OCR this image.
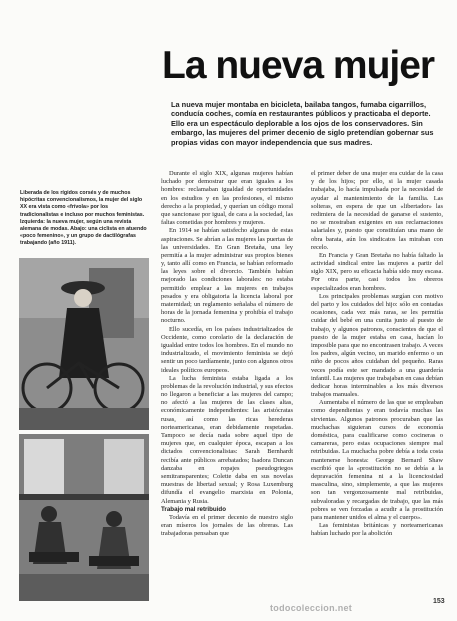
La nueva mujer
La nueva mujer montaba en bicicleta, bailaba tangos, fumaba cigarrillos, conducía coches, comía en restaurantes públicos y practicaba el deporte. Ello era un espectáculo deplorable a los ojos de los conservadores. Sin embargo, las mujeres del primer decenio de siglo pretendían gobernar sus propias vidas con mayor independencia que sus madres.

Liberada de los rígidos corsés y de muchos hipócritas convencionalismos, la mujer del siglo XX era vista como «frívola» por los tradicionalistas e incluso por muchos feministas. Izquierda: la nueva mujer, según una revista alemana de modas. Abajo: una ciclista en atuendo «poco femenino», y un grupo de dactilógrafas trabajando (año 1911).

Durante el siglo XIX, algunas mujeres habían luchado por demostrar que eran iguales a los hombres: reclamaban igualdad de oportunidades en los estudios y en las profesiones, el mismo derecho a la propiedad, y querían un código moral que sancionase por igual, de cara a la sociedad, las faltas cometidas por hombres y mujeres.

En 1914 se habían satisfecho algunas de estas aspiraciones. Se abrían a las mujeres las puertas de las universidades. En Gran Bretaña, una ley permitía a la mujer administrar sus propios bienes y, tanto allí como en Francia, se habían reformado las leyes sobre el divorcio. También habían mejorado las condiciones laborales: no estaba permitido emplear a las mujeres en trabajos pesados y era obligatoria la licencia laboral por maternidad; un reglamento señalaba el número de horas de la jornada femenina y prohibía el trabajo nocturno.

Ello sucedía, en los países industrializados de Occidente, como corolario de la declaración de igualdad entre todos los hombres. En el mundo no industrializado, el movimiento feminista se dejó sentir un poco tardíamente, junto con algunos otros ideales políticos europeos.

La lucha feminista estaba ligada a los problemas de la revolución industrial, y sus efectos no llegaron a beneficiar a las mujeres del campo; no afectó a las mujeres de las clases altas, económicamente independientes: las aristócratas rusas, así como las ricas herederas norteamericanas, eran debidamente respetadas. Tampoco se decía nada sobre aquel tipo de mujeres que, en cualquier época, escapan a los dictados convencionalistas: Sarah Bernhardt recibía ante públicos arrebatados; Isadora Duncan danzaba en ropajes pseudogriegos semitransparentes; Colette daba en sus novelas muestras de libertad sexual; y Rosa Luxemburg difundía el evangelio marxista en Polonia, Alemania y Rusia.

Trabajo mal retribuido

Todavía en el primer decenio de nuestro siglo eran míseros los jornales de las obreras. Las trabajadoras pensaban que

el primer deber de una mujer era cuidar de la casa y de los hijos; por ello, si la mujer casada trabajaba, lo hacía impulsada por la necesidad de ayudar al mantenimiento de la familia. Las solteras, en espera de que un «libertador» las redimiera de la necesidad de ganarse el sustento, no se mostraban exigentes en sus reclamaciones salariales y, puesto que constituían una mano de obra barata, aún los sindicatos las miraban con recelo.

En Francia y Gran Bretaña no había faltado la actividad sindical entre las mujeres a partir del siglo XIX, pero su eficacia había sido muy escasa. Por otra parte, casi todos los obreros especializados eran hombres.

Los principales problemas surgían con motivo del parto y los cuidados del hijo: sólo en contadas ocasiones, cada vez más raras, se les permitía cuidar del bebé en una cunita junto al puesto de trabajo, y algunos patronos, conscientes de que el puesto de la mujer estaba en casa, hacían lo imposible para que no encontrasen trabajo. A veces los padres, algún vecino, un marido enfermo o un niño de pocos años cuidaban del pequeño. Raras veces podía este ser mandado a una guardería infantil. Las mujeres que trabajaban en casa debían dedicar horas interminables a los más diversos trabajos manuales.

Aumentaba el número de las que se empleaban como dependientas y eran todavía muchas las sirvientas. Algunos patronos procuraban que las muchachas siguieran cursos de economía doméstica, para cualificarse como cocineras o camareras, pero estas ocupaciones siempre mal retribuidas. La muchacha pobre debía a toda costa mantenerse honesta: George Bernard Shaw escribió que la «prostitución no se debía a la depravación femenina ni a la licenciosidad masculina, sino, simplemente, a que las mujeres son tan vergonzosamente mal retribuidas, subvaloradas y recargadas de trabajo, que las más pobres se ven forzadas a acudir a la prostitución para mantener unidos el alma y el cuerpo».

Las feministas británicas y norteamericanas habían luchado por la abolición

153
todocoleccion.net
